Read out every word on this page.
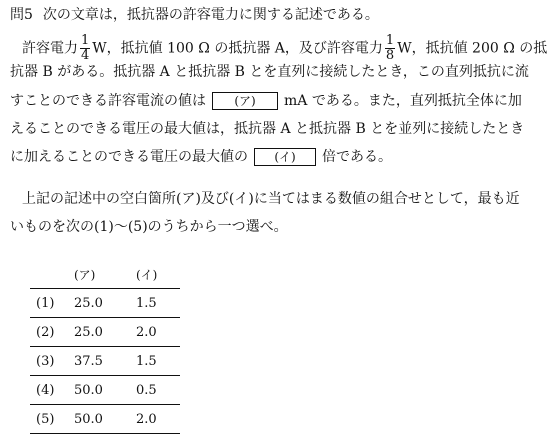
問5 次の文章は，抵抗器の許容電力に関する記述である。
許容電力 $\frac{1}{4}$ W，抵抗値 100 Ω の抵抗器 A，及び許容電力 $\frac{1}{8}$ W，抵抗値 200 Ω の抵
抗器 B がある。抵抗器 A と抵抗器 B とを直列に接続したとき，この直列抵抗に流
すことのできる許容電流の値は (ア) mA である。また，直列抵抗全体に加
えることのできる電圧の最大値は，抵抗器 A と抵抗器 B とを並列に接続したとき
に加えることのできる電圧の最大値の (イ) 倍である。
上記の記述中の空白箇所(ア)及び(イ)に当てはまる数値の組合せとして，最も近
いものを次の(1)～(5)のうちから一つ選べ。
	(ア)	(イ)
(1)	25.0	1.5
(2)	25.0	2.0
(3)	37.5	1.5
(4)	50.0	0.5
(5)	50.0	2.0
